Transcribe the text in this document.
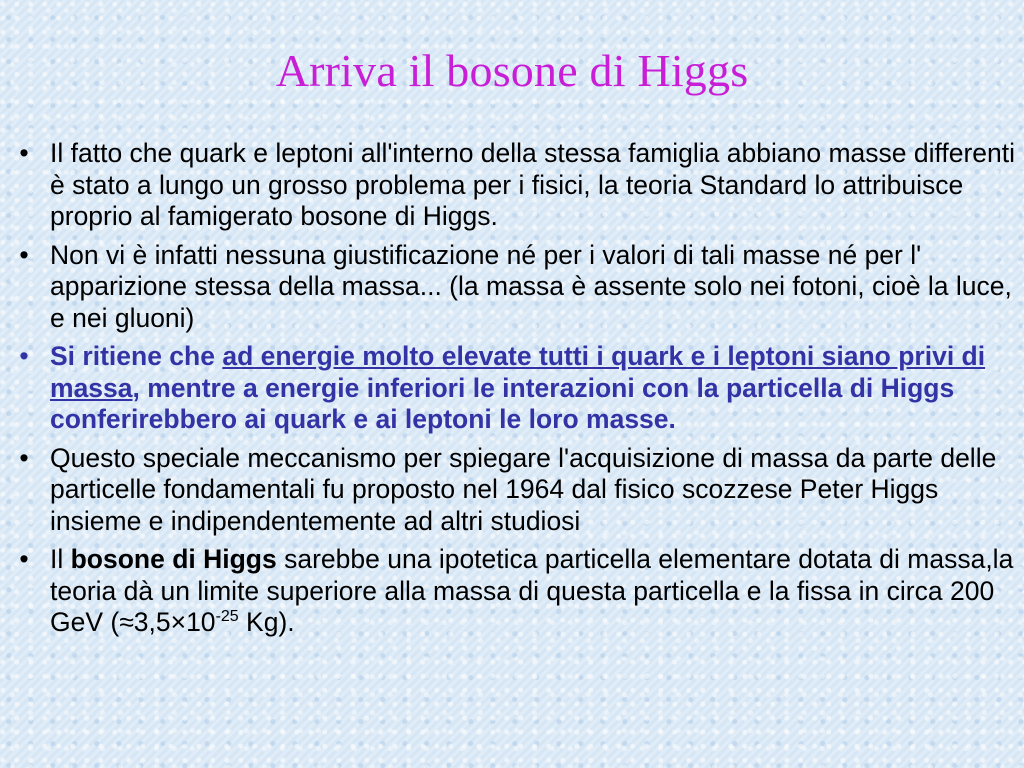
Arriva il bosone di Higgs
• Il fatto che quark e leptoni all'interno della stessa famiglia abbiano masse differenti è stato a lungo un grosso problema per i fisici, la teoria Standard lo attribuisce proprio al famigerato bosone di Higgs.
• Non vi è infatti nessuna giustificazione né per i valori di tali masse né per l' apparizione stessa della massa... (la massa è assente solo nei fotoni, cioè la luce, e nei gluoni)
• Si ritiene che ad energie molto elevate tutti i quark e i leptoni siano privi di massa, mentre a energie inferiori le interazioni con la particella di Higgs conferirebbero ai quark e ai leptoni le loro masse.
• Questo speciale meccanismo per spiegare l'acquisizione di massa da parte delle particelle fondamentali fu proposto nel 1964 dal fisico scozzese Peter Higgs insieme e indipendentemente ad altri studiosi
• Il bosone di Higgs sarebbe una ipotetica particella elementare dotata di massa,la teoria dà un limite superiore alla massa di questa particella e la fissa in circa 200 GeV ($\approx 3,5\times 10^{-25}$ Kg).
